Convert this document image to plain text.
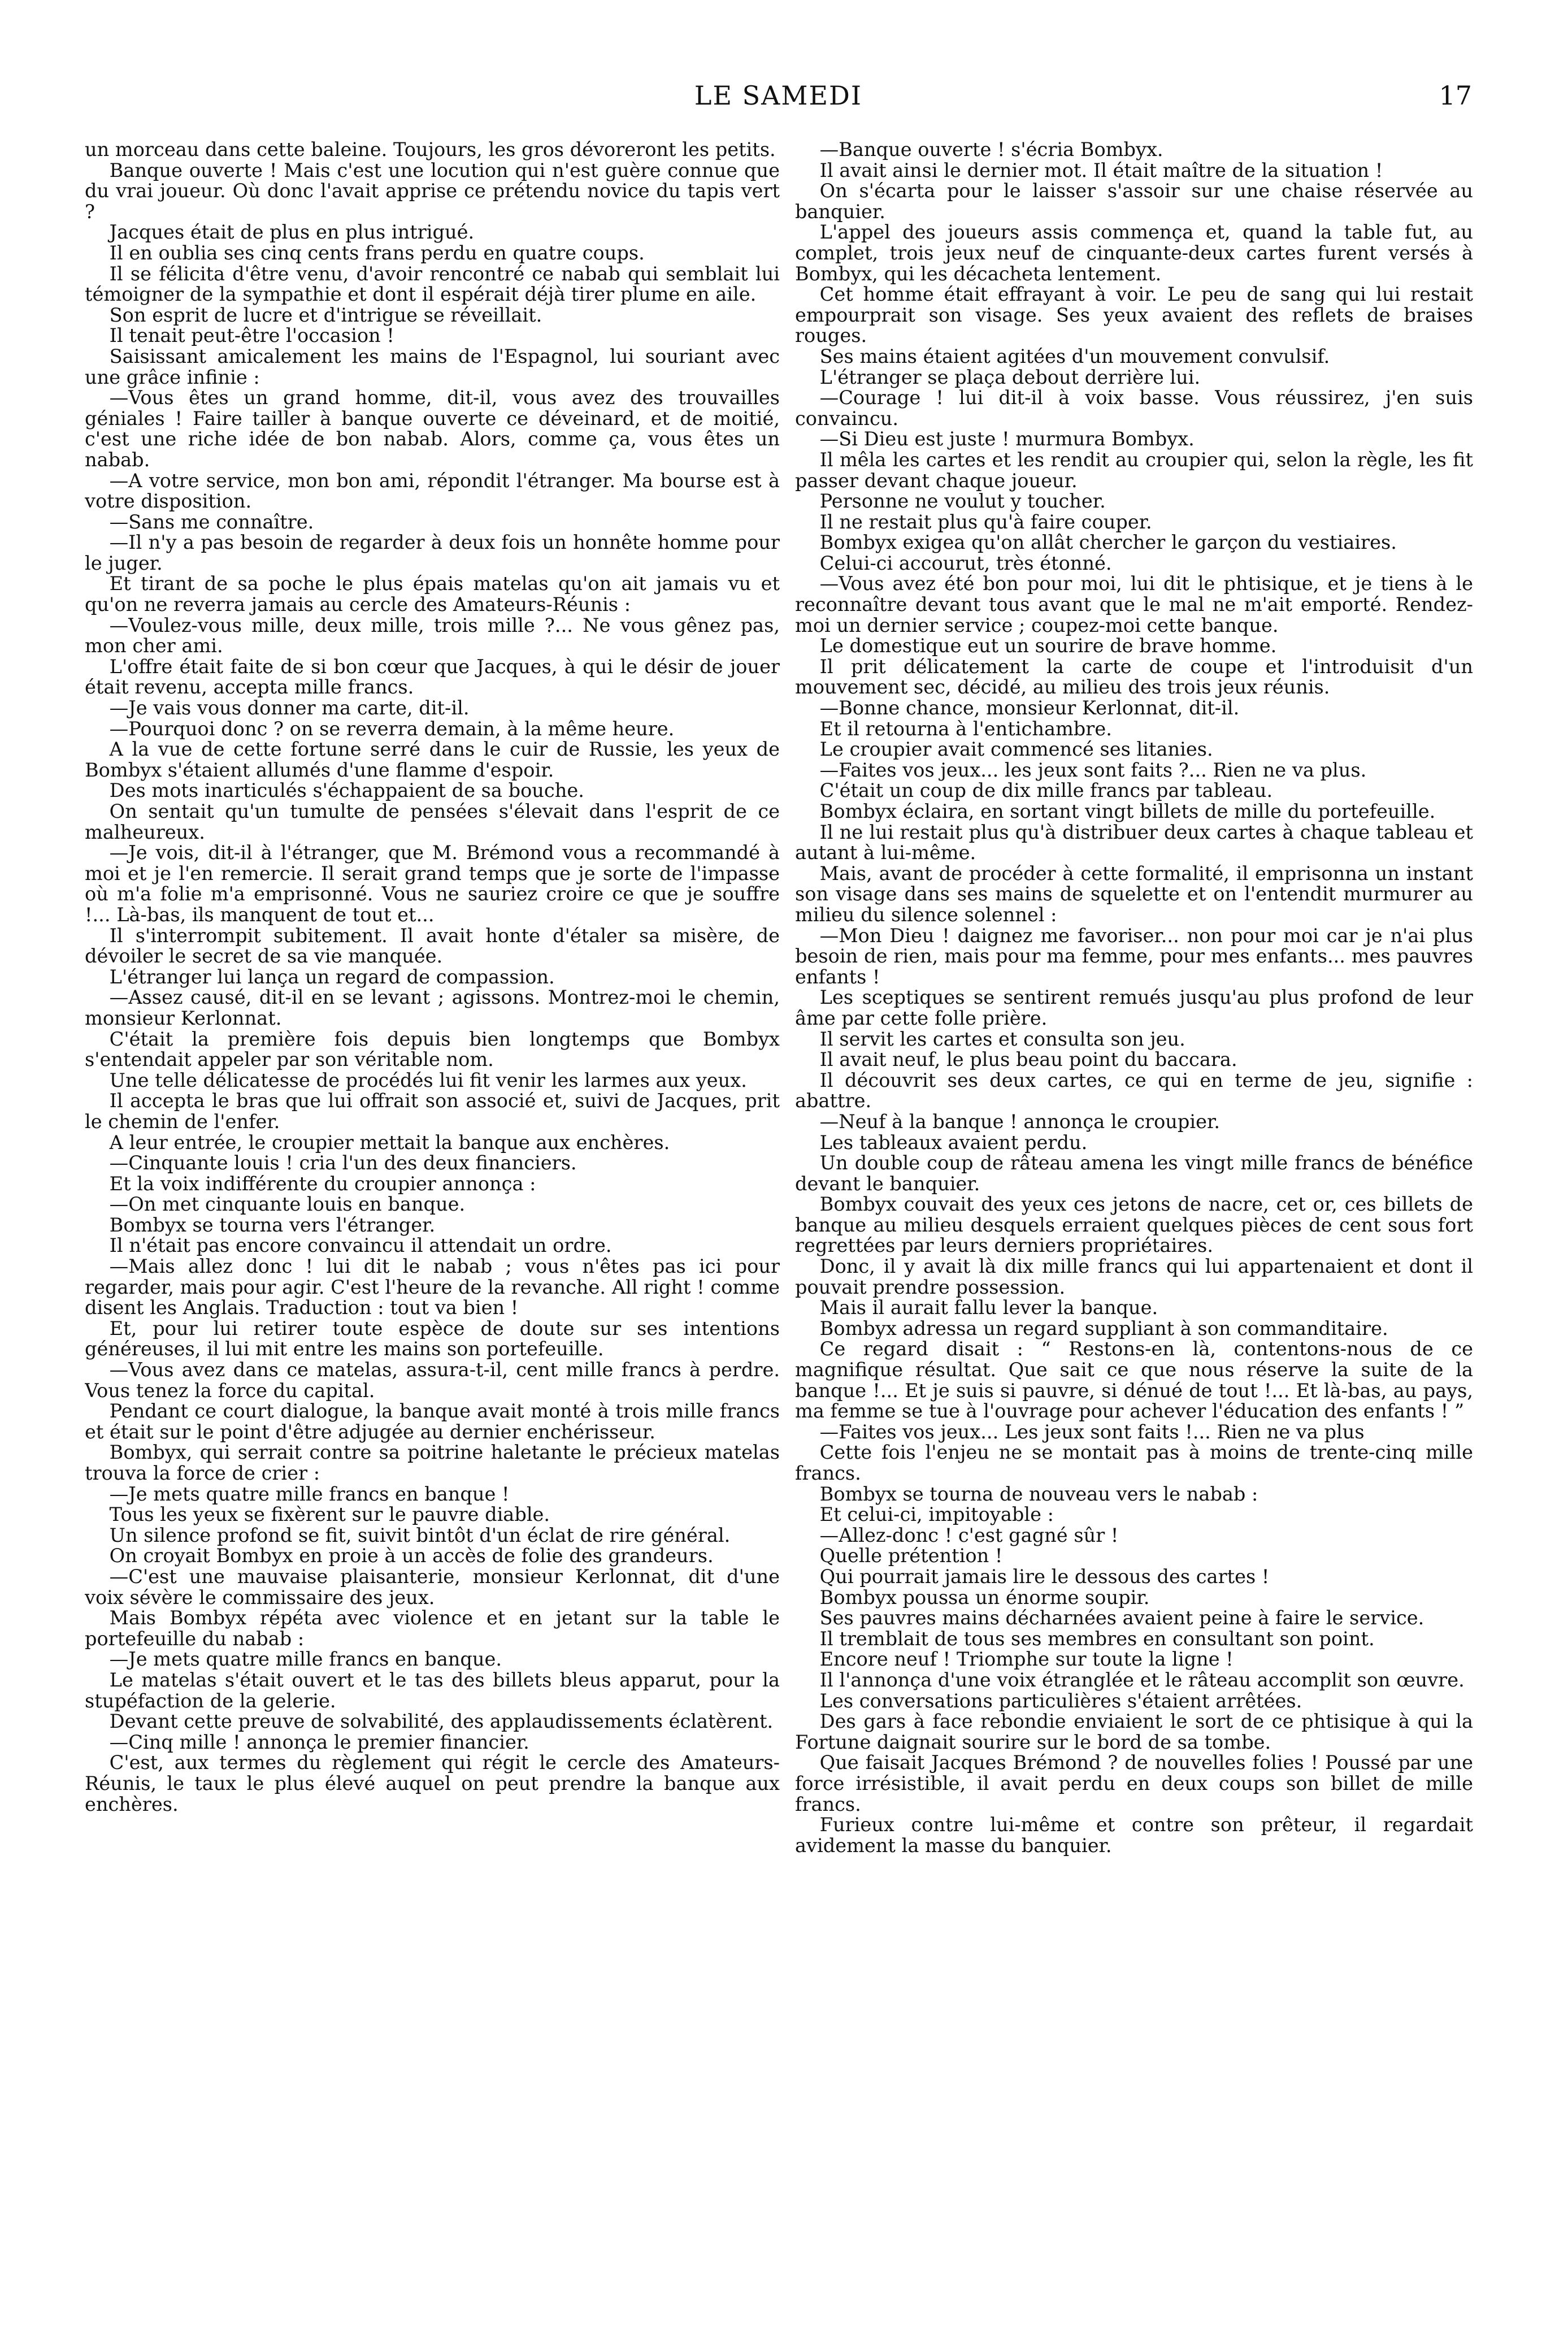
LE SAMEDI	17

un morceau dans cette baleine. Toujours, les gros dévoreront les petits.

Banque ouverte ! Mais c'est une locution qui n'est guère connue que du vrai joueur. Où donc l'avait apprise ce prétendu novice du tapis vert ?

Jacques était de plus en plus intrigué.

Il en oublia ses cinq cents frans perdu en quatre coups.

Il se félicita d'être venu, d'avoir rencontré ce nabab qui semblait lui témoigner de la sympathie et dont il espérait déjà tirer plume en aile.

Son esprit de lucre et d'intrigue se réveillait.

Il tenait peut-être l'occasion !

Saisissant amicalement les mains de l'Espagnol, lui souriant avec une grâce infinie :

—Vous êtes un grand homme, dit-il, vous avez des trouvailles géniales ! Faire tailler à banque ouverte ce déveinard, et de moitié, c'est une riche idée de bon nabab. Alors, comme ça, vous êtes un nabab.

—A votre service, mon bon ami, répondit l'étranger. Ma bourse est à votre disposition.

—Sans me connaître.

—Il n'y a pas besoin de regarder à deux fois un honnête homme pour le juger.

Et tirant de sa poche le plus épais matelas qu'on ait jamais vu et qu'on ne reverra jamais au cercle des Amateurs-Réunis :

—Voulez-vous mille, deux mille, trois mille ?... Ne vous gênez pas, mon cher ami.

L'offre était faite de si bon cœur que Jacques, à qui le désir de jouer était revenu, accepta mille francs.

—Je vais vous donner ma carte, dit-il.

—Pourquoi donc ? on se reverra demain, à la même heure.

A la vue de cette fortune serré dans le cuir de Russie, les yeux de Bombyx s'étaient allumés d'une flamme d'espoir.

Des mots inarticulés s'échappaient de sa bouche.

On sentait qu'un tumulte de pensées s'élevait dans l'esprit de ce malheureux.

—Je vois, dit-il à l'étranger, que M. Brémond vous a recommandé à moi et je l'en remercie. Il serait grand temps que je sorte de l'impasse où m'a folie m'a emprisonné. Vous ne sauriez croire ce que je souffre !... Là-bas, ils manquent de tout et...

Il s'interrompit subitement. Il avait honte d'étaler sa misère, de dévoiler le secret de sa vie manquée.

L'étranger lui lança un regard de compassion.

—Assez causé, dit-il en se levant ; agissons. Montrez-moi le chemin, monsieur Kerlonnat.

C'était la première fois depuis bien longtemps que Bombyx s'entendait appeler par son véritable nom.

Une telle délicatesse de procédés lui fit venir les larmes aux yeux.

Il accepta le bras que lui offrait son associé et, suivi de Jacques, prit le chemin de l'enfer.

A leur entrée, le croupier mettait la banque aux enchères.

—Cinquante louis ! cria l'un des deux financiers.

Et la voix indifférente du croupier annonça :

—On met cinquante louis en banque.

Bombyx se tourna vers l'étranger.

Il n'était pas encore convaincu il attendait un ordre.

—Mais allez donc ! lui dit le nabab ; vous n'êtes pas ici pour regarder, mais pour agir. C'est l'heure de la revanche. All right ! comme disent les Anglais. Traduction : tout va bien !

Et, pour lui retirer toute espèce de doute sur ses intentions généreuses, il lui mit entre les mains son portefeuille.

—Vous avez dans ce matelas, assura-t-il, cent mille francs à perdre. Vous tenez la force du capital.

Pendant ce court dialogue, la banque avait monté à trois mille francs et était sur le point d'être adjugée au dernier enchérisseur.

Bombyx, qui serrait contre sa poitrine haletante le précieux matelas trouva la force de crier :

—Je mets quatre mille francs en banque !

Tous les yeux se fixèrent sur le pauvre diable.

Un silence profond se fit, suivit bintôt d'un éclat de rire général.

On croyait Bombyx en proie à un accès de folie des grandeurs.

—C'est une mauvaise plaisanterie, monsieur Kerlonnat, dit d'une voix sévère le commissaire des jeux.

Mais Bombyx répéta avec violence et en jetant sur la table le portefeuille du nabab :

—Je mets quatre mille francs en banque.

Le matelas s'était ouvert et le tas des billets bleus apparut, pour la stupéfaction de la gelerie.

Devant cette preuve de solvabilité, des applaudissements éclatèrent.

—Cinq mille ! annonça le premier financier.

C'est, aux termes du règlement qui régit le cercle des Amateurs-Réunis, le taux le plus élevé auquel on peut prendre la banque aux enchères.

—Banque ouverte ! s'écria Bombyx.

Il avait ainsi le dernier mot. Il était maître de la situation !

On s'écarta pour le laisser s'assoir sur une chaise réservée au banquier.

L'appel des joueurs assis commença et, quand la table fut, au complet, trois jeux neuf de cinquante-deux cartes furent versés à Bombyx, qui les décacheta lentement.

Cet homme était effrayant à voir. Le peu de sang qui lui restait empourprait son visage. Ses yeux avaient des reflets de braises rouges.

Ses mains étaient agitées d'un mouvement convulsif.

L'étranger se plaça debout derrière lui.

—Courage ! lui dit-il à voix basse. Vous réussirez, j'en suis convaincu.

—Si Dieu est juste ! murmura Bombyx.

Il mêla les cartes et les rendit au croupier qui, selon la règle, les fit passer devant chaque joueur.

Personne ne voulut y toucher.

Il ne restait plus qu'à faire couper.

Bombyx exigea qu'on allât chercher le garçon du vestiaires.

Celui-ci accourut, très étonné.

—Vous avez été bon pour moi, lui dit le phtisique, et je tiens à le reconnaître devant tous avant que le mal ne m'ait emporté. Rendez-moi un dernier service ; coupez-moi cette banque.

Le domestique eut un sourire de brave homme.

Il prit délicatement la carte de coupe et l'introduisit d'un mouvement sec, décidé, au milieu des trois jeux réunis.

—Bonne chance, monsieur Kerlonnat, dit-il.

Et il retourna à l'entichambre.

Le croupier avait commencé ses litanies.

—Faites vos jeux... les jeux sont faits ?... Rien ne va plus.

C'était un coup de dix mille francs par tableau.

Bombyx éclaira, en sortant vingt billets de mille du portefeuille.

Il ne lui restait plus qu'à distribuer deux cartes à chaque tableau et autant à lui-même.

Mais, avant de procéder à cette formalité, il emprisonna un instant son visage dans ses mains de squelette et on l'entendit murmurer au milieu du silence solennel :

—Mon Dieu ! daignez me favoriser... non pour moi car je n'ai plus besoin de rien, mais pour ma femme, pour mes enfants... mes pauvres enfants !

Les sceptiques se sentirent remués jusqu'au plus profond de leur âme par cette folle prière.

Il servit les cartes et consulta son jeu.

Il avait neuf, le plus beau point du baccara.

Il découvrit ses deux cartes, ce qui en terme de jeu, signifie : abattre.

—Neuf à la banque ! annonça le croupier.

Les tableaux avaient perdu.

Un double coup de râteau amena les vingt mille francs de bénéfice devant le banquier.

Bombyx couvait des yeux ces jetons de nacre, cet or, ces billets de banque au milieu desquels erraient quelques pièces de cent sous fort regrettées par leurs derniers propriétaires.

Donc, il y avait là dix mille francs qui lui appartenaient et dont il pouvait prendre possession.

Mais il aurait fallu lever la banque.

Bombyx adressa un regard suppliant à son commanditaire.

Ce regard disait : “ Restons-en là, contentons-nous de ce magnifique résultat. Que sait ce que nous réserve la suite de la banque !... Et je suis si pauvre, si dénué de tout !... Et là-bas, au pays, ma femme se tue à l'ouvrage pour achever l'éducation des enfants ! ”

—Faites vos jeux... Les jeux sont faits !... Rien ne va plus

Cette fois l'enjeu ne se montait pas à moins de trente-cinq mille francs.

Bombyx se tourna de nouveau vers le nabab :

Et celui-ci, impitoyable :

—Allez-donc ! c'est gagné sûr !

Quelle prétention !

Qui pourrait jamais lire le dessous des cartes !

Bombyx poussa un énorme soupir.

Ses pauvres mains décharnées avaient peine à faire le service.

Il tremblait de tous ses membres en consultant son point.

Encore neuf ! Triomphe sur toute la ligne !

Il l'annonça d'une voix étranglée et le râteau accomplit son œuvre.

Les conversations particulières s'étaient arrêtées.

Des gars à face rebondie enviaient le sort de ce phtisique à qui la Fortune daignait sourire sur le bord de sa tombe.

Que faisait Jacques Brémond ? de nouvelles folies ! Poussé par une force irrésistible, il avait perdu en deux coups son billet de mille francs.

Furieux contre lui-même et contre son prêteur, il regardait avidement la masse du banquier.
